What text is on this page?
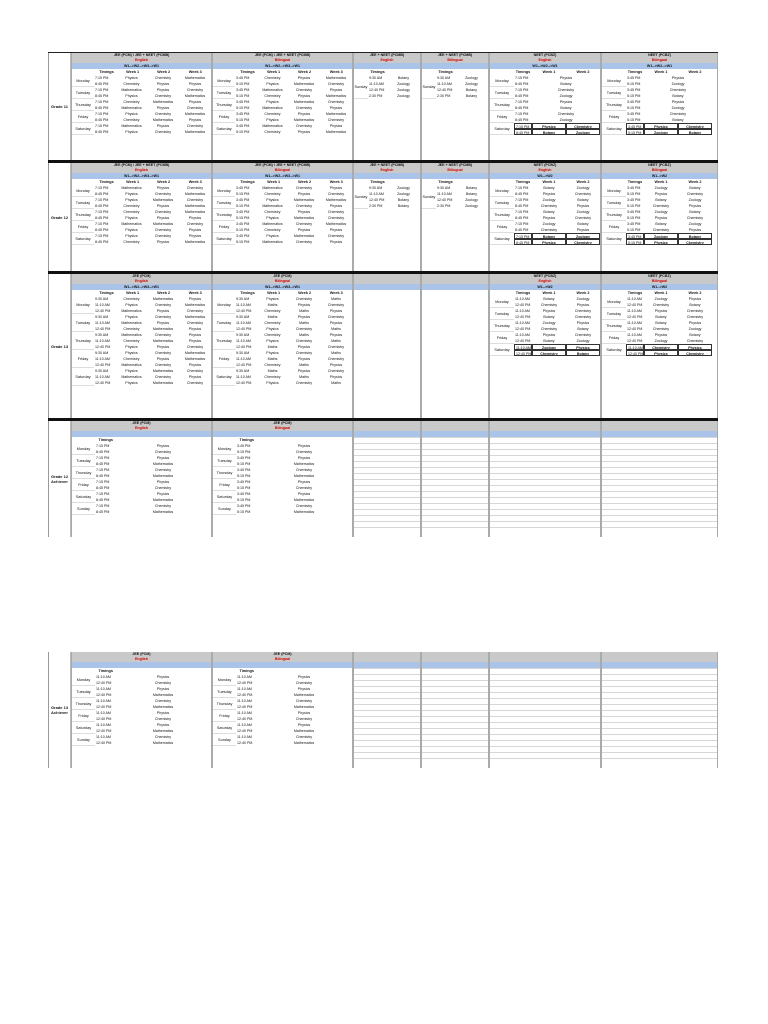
Grade 11
JEE (PCM) / JEE + NEET (PCMB)
English
W1-->W2-->W3-->W1
Timings	Week 1	Week 2	Week 3
Monday
7:15 PM	Physics	Chemistry	Mathematics
8:45 PM	Chemistry	Physics	Physics
Tuesday
7:15 PM	Mathematics	Physics	Chemistry
8:45 PM	Physics	Chemistry	Mathematics
Thursday
7:15 PM	Chemistry	Mathematics	Physics
8:45 PM	Mathematics	Physics	Chemistry
Friday
7:15 PM	Physics	Chemistry	Mathematics
8:45 PM	Chemistry	Mathematics	Physics
Saturday
7:15 PM	Mathematics	Physics	Chemistry
8:45 PM	Physics	Chemistry	Mathematics
JEE (PCM) / JEE + NEET (PCMB)
Bilingual
W1-->W2-->W3-->W1
Timings	Week 1	Week 2	Week 3
Monday
3:45 PM	Chemistry	Physics	Mathematics
5:15 PM	Physics	Mathematics	Chemistry
Tuesday
3:45 PM	Mathematics	Chemistry	Physics
5:15 PM	Chemistry	Physics	Mathematics
Thursday
3:45 PM	Physics	Mathematics	Chemistry
5:15 PM	Mathematics	Chemistry	Physics
Friday
3:45 PM	Chemistry	Physics	Mathematics
5:15 PM	Physics	Mathematics	Chemistry
Saturday
3:45 PM	Mathematics	Chemistry	Physics
5:15 PM	Chemistry	Physics	Mathematics
JEE + NEET (PCMB)
English
Timings
Sunday
9:30 AM	Botany
11:10 AM	Zoology
12:40 PM	Zoology
2:30 PM	Zoology
JEE + NEET (PCMB)
Bilingual
Timings
Sunday
9:30 AM	Zoology
11:10 AM	Zoology
12:40 PM	Botany
2:30 PM	Botany
NEET (PCBZ)
English
W1-->W2-->W1
Timings	Week 1	Week 2
Monday
7:15 PM	Physics
8:45 PM	Botany
Tuesday
7:15 PM	Chemistry
8:45 PM	Zoology
Thursday
7:15 PM	Physics
8:45 PM	Botany
Friday
7:15 PM	Chemistry
8:45 PM	Zoology
Saturday	7:15 PM	Physics	Chemistry
8:45 PM	Botany	Zoology
NEET (PCBZ)
Bilingual
W1-->W2-->W1
Timings	Week 1	Week 2
Monday
3:45 PM	Physics
5:15 PM	Zoology
Tuesday
3:45 PM	Chemistry
5:15 PM	Botany
Thursday
3:45 PM	Physics
5:15 PM	Zoology
Friday
3:45 PM	Chemistry
5:15 PM	Botany
Saturday	3:45 PM	Physics	Chemistry
5:15 PM	Zoology	Botany
Grade 12
JEE (PCM) / JEE + NEET (PCMB)
English
W1-->W2-->W3-->W1
Timings	Week 1	Week 2	Week 3
Monday
7:15 PM	Mathematics	Physics	Chemistry
8:45 PM	Physics	Chemistry	Mathematics
Tuesday
7:15 PM	Physics	Mathematics	Chemistry
8:45 PM	Chemistry	Physics	Mathematics
Thursday
7:15 PM	Chemistry	Chemistry	Mathematics
8:45 PM	Physics	Physics	Physics
Friday
7:15 PM	Mathematics	Mathematics	Chemistry
8:45 PM	Physics	Chemistry	Physics
Saturday
7:15 PM	Physics	Chemistry	Physics
8:45 PM	Chemistry	Physics	Mathematics
JEE (PCM) / JEE + NEET (PCMB)
Bilingual
W1-->W2-->W3-->W1
Timings	Week 1	Week 2	Week 3
Monday
3:45 PM	Mathematics	Chemistry	Physics
5:15 PM	Chemistry	Physics	Chemistry
Tuesday
3:45 PM	Physics	Mathematics	Mathematics
5:15 PM	Mathematics	Chemistry	Physics
Thursday
3:45 PM	Chemistry	Physics	Chemistry
5:15 PM	Physics	Mathematics	Chemistry
Friday
3:45 PM	Mathematics	Chemistry	Mathematics
5:15 PM	Chemistry	Physics	Physics
Saturday
3:45 PM	Physics	Mathematics	Chemistry
5:15 PM	Mathematics	Chemistry	Physics
JEE + NEET (PCMB)
English
Timings
Sunday
9:30 AM	Zoology
11:10 AM	Zoology
12:40 PM	Botany
2:30 PM	Botany
JEE + NEET (PCMB)
Bilingual
Timings
Sunday
9:30 AM	Botany
11:10 AM	Botany
12:40 PM	Zoology
2:30 PM	Zoology
NEET (PCBZ)
English
W1-->W2
Timings	Week 1	Week 2
Monday
7:15 PM	Botany	Zoology
8:45 PM	Physics	Chemistry
Tuesday
7:15 PM	Zoology	Botany
8:45 PM	Chemistry	Physics
Thursday
7:15 PM	Botany	Zoology
8:45 PM	Physics	Chemistry
Friday
7:15 PM	Zoology	Botany
8:45 PM	Chemistry	Physics
Saturday	7:15 PM	Botany	Zoology
8:45 PM	Physics	Chemistry
NEET (PCBZ)
Bilingual
W1-->W2
Timings	Week 1	Week 2
Monday
3:45 PM	Zoology	Botany
5:15 PM	Physics	Chemistry
Tuesday
3:45 PM	Botany	Zoology
5:15 PM	Chemistry	Physics
Thursday
3:45 PM	Zoology	Botany
5:15 PM	Physics	Chemistry
Friday
3:45 PM	Botany	Zoology
5:15 PM	Chemistry	Physics
Saturday	3:45 PM	Zoology	Botany
5:15 PM	Physics	Chemistry
Grade 13
JEE (PCM)
English
W1-->W2-->W3-->W1
Timings	Week 1	Week 2	Week 3
Monday
9:30 AM	Chemistry	Mathematics	Physics
11:10 AM	Physics	Chemistry	Mathematics
12:40 PM	Mathematics	Physics	Chemistry
Tuesday
9:30 AM	Physics	Chemistry	Mathematics
11:10 AM	Mathematics	Physics	Chemistry
12:40 PM	Chemistry	Mathematics	Physics
Thursday
9:30 AM	Mathematics	Chemistry	Physics
11:10 AM	Chemistry	Mathematics	Physics
12:40 PM	Physics	Physics	Chemistry
Friday
9:30 AM	Physics	Chemistry	Mathematics
11:10 AM	Chemistry	Physics	Mathematics
12:40 PM	Mathematics	Chemistry	Physics
Saturday
9:30 AM	Physics	Mathematics	Chemistry
11:10 AM	Mathematics	Chemistry	Physics
12:40 PM	Physics	Mathematics	Chemistry
JEE (PCM)
Bilingual
W1-->W2-->W3-->W1
Timings	Week 1	Week 2	Week 3
Monday
9:30 AM	Physics	Chemistry	Maths
11:10 AM	Maths	Physics	Chemistry
12:40 PM	Chemistry	Maths	Physics
Tuesday
9:30 AM	Maths	Physics	Chemistry
11:10 AM	Chemistry	Maths	Physics
12:40 PM	Physics	Chemistry	Maths
Thursday
9:30 AM	Chemistry	Maths	Physics
11:10 AM	Physics	Chemistry	Maths
12:40 PM	Maths	Physics	Chemistry
Friday
9:30 AM	Physics	Chemistry	Maths
11:10 AM	Maths	Physics	Chemistry
12:40 PM	Chemistry	Maths	Physics
Saturday
9:30 AM	Maths	Physics	Chemistry
11:10 AM	Chemistry	Maths	Physics
12:40 PM	Physics	Chemistry	Maths
NEET (PCBZ)
English
W1-->W2
Timings	Week 1	Week 2
Monday
11:10 AM	Botany	Zoology
12:40 PM	Chemistry	Physics
Tuesday
11:10 AM	Physics	Chemistry
12:40 PM	Botany	Chemistry
Thursday
11:10 AM	Zoology	Physics
12:40 PM	Chemistry	Botany
Friday
11:10 AM	Physics	Chemistry
12:40 PM	Botany	Zoology
Saturday	11:10 AM	Zoology	Physics
12:40 PM	Chemistry	Botany
NEET (PCBZ)
Bilingual
W1-->W2
Timings	Week 1	Week 2
Monday
11:10 AM	Zoology	Physics
12:40 PM	Chemistry	Botany
Tuesday
11:10 AM	Physics	Chemistry
12:40 PM	Botany	Chemistry
Thursday
11:10 AM	Botany	Physics
12:40 PM	Chemistry	Zoology
Friday
11:10 AM	Physics	Botany
12:40 PM	Zoology	Chemistry
Saturday	11:10 AM	Chemistry	Physics
12:40 PM	Physics	Chemistry
Grade 12 Achiever
JEE (PCM)
English
Timings
Monday
7:15 PM	Physics
8:45 PM	Chemistry
Tuesday
7:15 PM	Physics
8:45 PM	Mathematics
Thursday
7:15 PM	Chemistry
8:45 PM	Mathematics
Friday
7:15 PM	Physics
8:45 PM	Chemistry
Saturday
7:15 PM	Physics
8:45 PM	Mathematics
Sunday
7:15 PM	Chemistry
8:45 PM	Mathematics
JEE (PCM)
Bilingual
Timings
Monday
3:45 PM	Physics
5:15 PM	Chemistry
Tuesday
3:45 PM	Physics
5:15 PM	Mathematics
Thursday
3:45 PM	Chemistry
5:15 PM	Mathematics
Friday
3:45 PM	Physics
5:15 PM	Chemistry
Saturday
3:45 PM	Physics
5:15 PM	Mathematics
Sunday
3:45 PM	Chemistry
5:15 PM	Mathematics
Grade 13 Achiever
JEE (PCM)
English
Timings
Monday
11:10 AM	Physics
12:40 PM	Chemistry
Tuesday
11:10 AM	Physics
12:40 PM	Mathematics
Thursday
11:10 AM	Chemistry
12:40 PM	Mathematics
Friday
11:10 AM	Physics
12:40 PM	Chemistry
Saturday
11:10 AM	Physics
12:40 PM	Mathematics
Sunday
11:10 AM	Chemistry
12:40 PM	Mathematics
JEE (PCM)
Bilingual
Timings
Monday
11:10 AM	Physics
12:40 PM	Chemistry
Tuesday
11:10 AM	Physics
12:40 PM	Mathematics
Thursday
11:10 AM	Chemistry
12:40 PM	Mathematics
Friday
11:10 AM	Physics
12:40 PM	Chemistry
Saturday
11:10 AM	Physics
12:40 PM	Mathematics
Sunday
11:10 AM	Chemistry
12:40 PM	Mathematics
